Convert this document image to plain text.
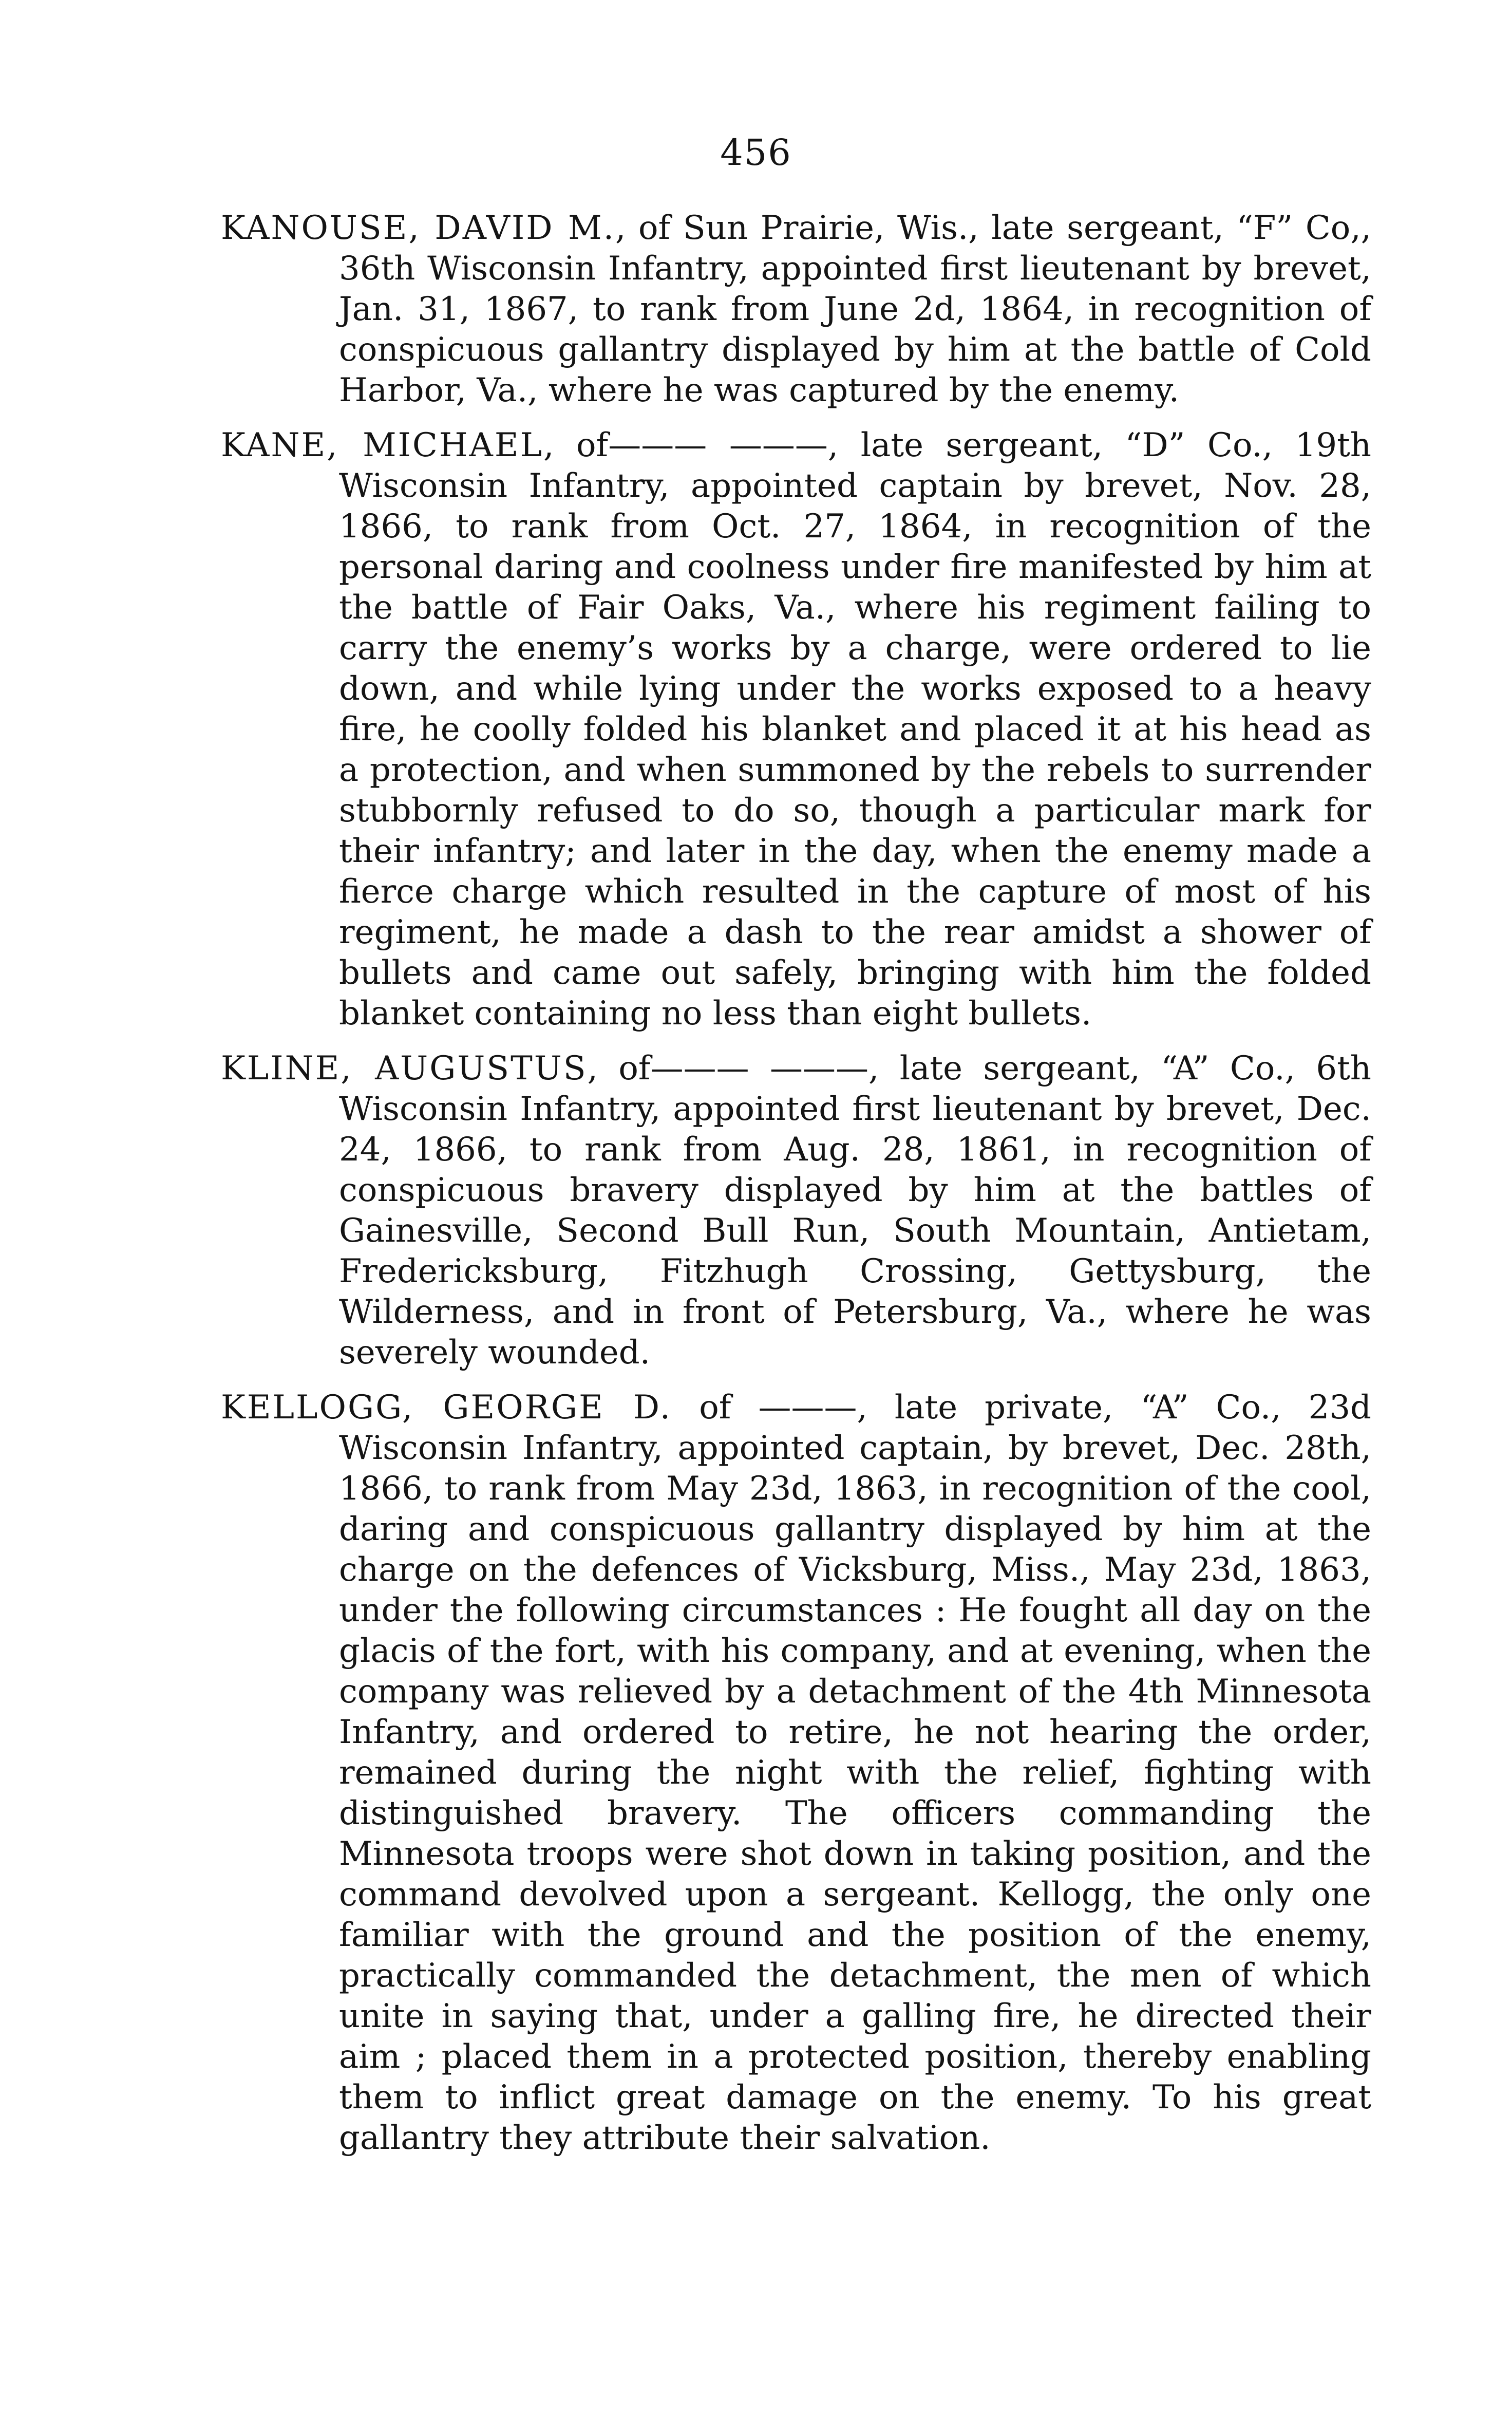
456

KANOUSE, DAVID M., of Sun Prairie, Wis., late sergeant, “F” Co,, 36th Wisconsin Infantry, appointed first lieutenant by brevet, Jan. 31, 1867, to rank from June 2d, 1864, in recognition of conspicuous gallantry displayed by him at the battle of Cold Harbor, Va., where he was captured by the enemy.

KANE, MICHAEL, of——— ———, late sergeant, “D” Co., 19th Wisconsin Infantry, appointed captain by brevet, Nov. 28, 1866, to rank from Oct. 27, 1864, in recognition of the personal daring and coolness under fire manifested by him at the battle of Fair Oaks, Va., where his regiment failing to carry the enemy’s works by a charge, were ordered to lie down, and while lying under the works exposed to a heavy fire, he coolly folded his blanket and placed it at his head as a protection, and when summoned by the rebels to surrender stubbornly refused to do so, though a particular mark for their infantry; and later in the day, when the enemy made a fierce charge which resulted in the capture of most of his regiment, he made a dash to the rear amidst a shower of bullets and came out safely, bringing with him the folded blanket containing no less than eight bullets.

KLINE, AUGUSTUS, of——— ———, late sergeant, “A” Co., 6th Wisconsin Infantry, appointed first lieutenant by brevet, Dec. 24, 1866, to rank from Aug. 28, 1861, in recognition of conspicuous bravery displayed by him at the battles of Gainesville, Second Bull Run, South Mountain, Antietam, Fredericksburg, Fitzhugh Crossing, Gettysburg, the Wilderness, and in front of Petersburg, Va., where he was severely wounded.

KELLOGG, GEORGE D. of ———, late private, “A” Co., 23d Wisconsin Infantry, appointed captain, by brevet, Dec. 28th, 1866, to rank from May 23d, 1863, in recognition of the cool, daring and conspicuous gallantry displayed by him at the charge on the defences of Vicksburg, Miss., May 23d, 1863, under the following circumstances : He fought all day on the glacis of the fort, with his company, and at evening, when the company was relieved by a detachment of the 4th Minnesota Infantry, and ordered to retire, he not hearing the order, remained during the night with the relief, fighting with distinguished bravery. The officers commanding the Minnesota troops were shot down in taking position, and the command devolved upon a sergeant. Kellogg, the only one familiar with the ground and the position of the enemy, practically commanded the detachment, the men of which unite in saying that, under a galling fire, he directed their aim ; placed them in a protected position, thereby enabling them to inflict great damage on the enemy. To his great gallantry they attribute their salvation.
